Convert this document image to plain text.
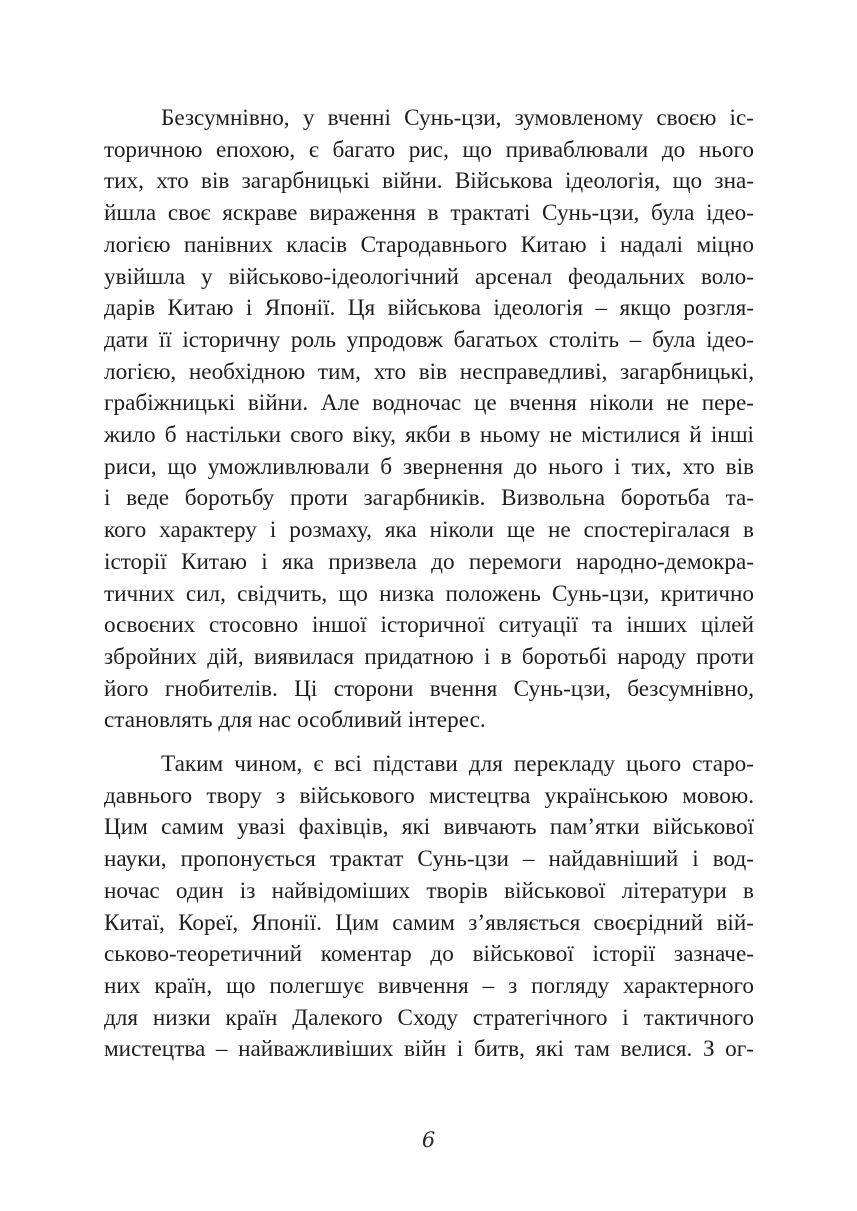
Безсумнівно, у вченні Сунь-цзи, зумовленому своєю іс-
торичною епохою, є багато рис, що приваблювали до нього
тих, хто вів загарбницькі війни. Військова ідеологія, що зна-
йшла своє яскраве вираження в трактаті Сунь-цзи, була ідео-
логією панівних класів Стародавнього Китаю і надалі міцно
увійшла у військово-ідеологічний арсенал феодальних воло-
дарів Китаю і Японії. Ця військова ідеологія – якщо розгля-
дати її історичну роль упродовж багатьох століть – була ідео-
логією, необхідною тим, хто вів несправедливі, загарбницькі,
грабіжницькі війни. Але водночас це вчення ніколи не пере-
жило б настільки свого віку, якби в ньому не містилися й інші
риси, що уможливлювали б звернення до нього і тих, хто вів
і веде боротьбу проти загарбників. Визвольна боротьба та-
кого характеру і розмаху, яка ніколи ще не спостерігалася в
історії Китаю і яка призвела до перемоги народно-демокра-
тичних сил, свідчить, що низка положень Сунь-цзи, критично
освоєних стосовно іншої історичної ситуації та інших цілей
збройних дій, виявилася придатною і в боротьбі народу проти
його гнобителів. Ці сторони вчення Сунь-цзи, безсумнівно,
становлять для нас особливий інтерес.

Таким чином, є всі підстави для перекладу цього старо-
давнього твору з військового мистецтва українською мовою.
Цим самим увазі фахівців, які вивчають пам’ятки військової
науки, пропонується трактат Сунь-цзи – найдавніший і вод-
ночас один із найвідоміших творів військової літератури в
Китаї, Кореї, Японії. Цим самим з’являється своєрідний вій-
ськово-теоретичний коментар до військової історії зазначе-
них країн, що полегшує вивчення – з погляду характерного
для низки країн Далекого Сходу стратегічного і тактичного
мистецтва – найважливіших війн і битв, які там велися. З ог-

6
